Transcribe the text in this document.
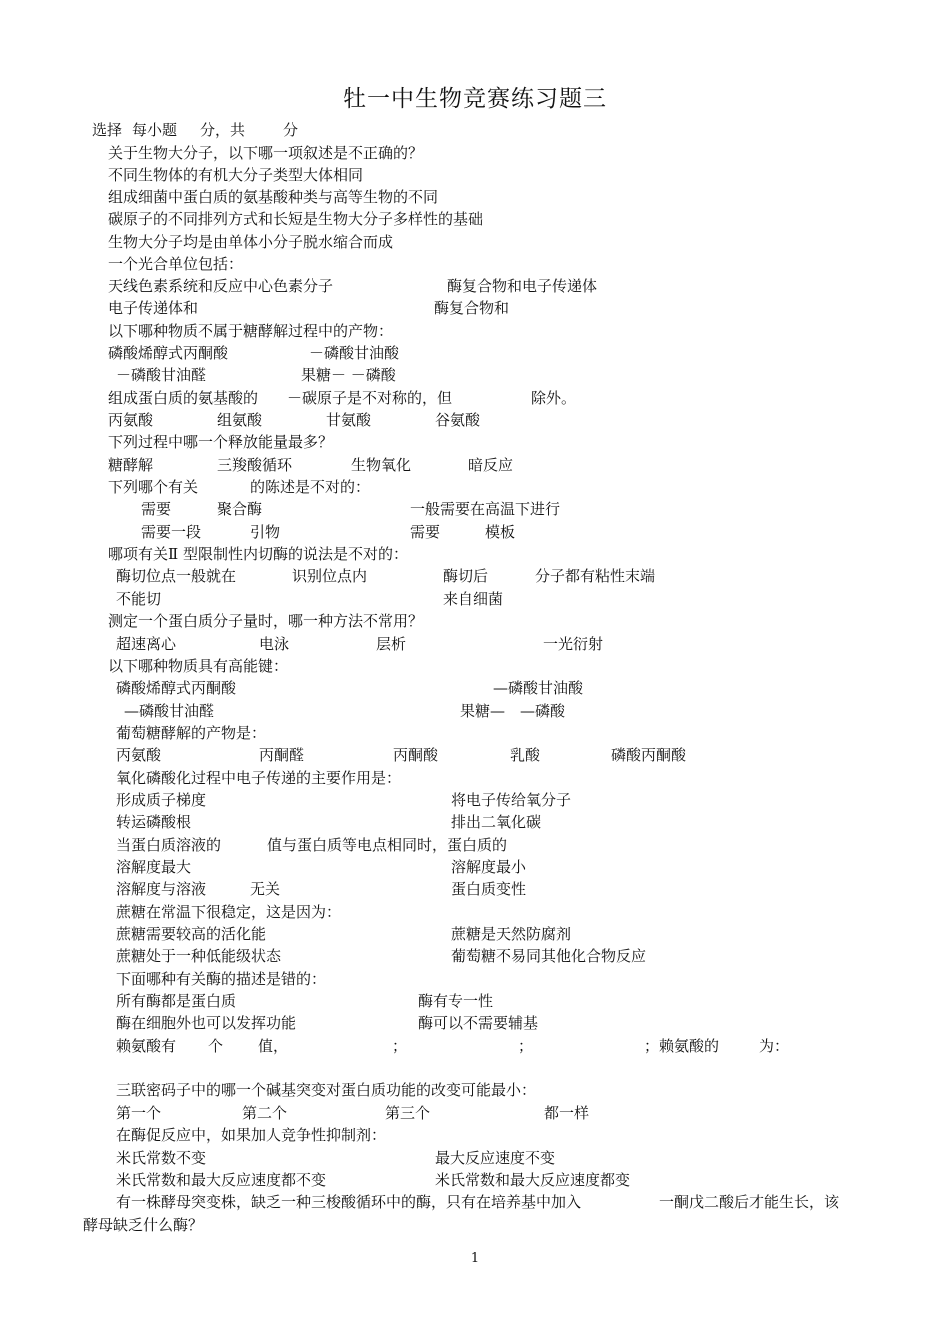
牡一中生物竞赛练习题三
选择 每小题 分，共	分
关于生物大分子，以下哪一项叙述是不正确的？
不同生物体的有机大分子类型大体相同
组成细菌中蛋白质的氨基酸种类与高等生物的不同
碳原子的不同排列方式和长短是生物大分子多样性的基础
生物大分子均是由单体小分子脱水缩合而成
一个光合单位包括：
天线色素系统和反应中心色素分子	酶复合物和电子传递体
电子传递体和	酶复合物和
以下哪种物质不属于糖酵解过程中的产物：
磷酸烯醇式丙酮酸	－磷酸甘油酸
－磷酸甘油醛	果糖－ －磷酸
组成蛋白质的氨基酸的 －碳原子是不对称的，但	除外。
丙氨酸	组氨酸	甘氨酸	谷氨酸
下列过程中哪一个释放能量最多？
糖酵解	三羧酸循环	生物氧化	暗反应
下列哪个有关	的陈述是不对的：
需要	聚合酶	一般需要在高温下进行
需要一段	引物	需要	模板
哪项有关Ⅱ 型限制性内切酶的说法是不对的：
酶切位点一般就在	识别位点内	酶切后	分子都有粘性末端
不能切	来自细菌
测定一个蛋白质分子量时，哪一种方法不常用？
超速离心	电泳	层析	一光衍射
以下哪种物质具有高能键：
磷酸烯醇式丙酮酸	—磷酸甘油酸
—磷酸甘油醛	果糖—　—磷酸
葡萄糖酵解的产物是：
丙氨酸	丙酮醛	丙酮酸	乳酸	磷酸丙酮酸
氧化磷酸化过程中电子传递的主要作用是：
形成质子梯度	将电子传给氧分子
转运磷酸根	排出二氧化碳
当蛋白质溶液的	值与蛋白质等电点相同时，蛋白质的
溶解度最大	溶解度最小
溶解度与溶液	无关	蛋白质变性
蔗糖在常温下很稳定，这是因为：
蔗糖需要较高的活化能	蔗糖是天然防腐剂
蔗糖处于一种低能级状态	葡萄糖不易同其他化合物反应
下面哪种有关酶的描述是错的：
所有酶都是蛋白质	酶有专一性
酶在细胞外也可以发挥功能	酶可以不需要辅基
赖氨酸有 个 值，	；	；	；赖氨酸的	为：
三联密码子中的哪一个碱基突变对蛋白质功能的改变可能最小：
第一个	第二个	第三个	都一样
在酶促反应中，如果加人竞争性抑制剂：
米氏常数不变	最大反应速度不变
米氏常数和最大反应速度都不变	米氏常数和最大反应速度都变
有一株酵母突变株，缺乏一种三梭酸循环中的酶，只有在培养基中加入	一酮戊二酸后才能生长，该
酵母缺乏什么酶？
1
